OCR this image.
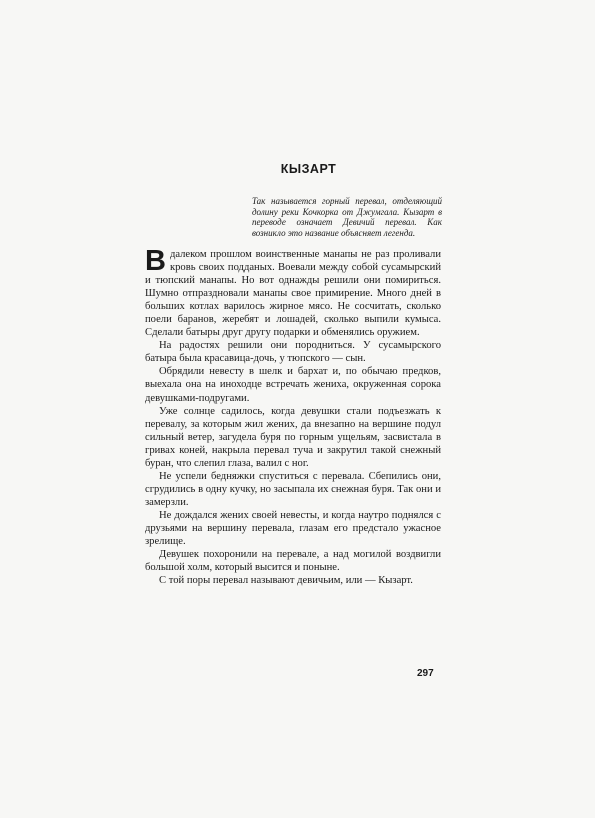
КЫЗАРТ

Так называется горный перевал, отделяющий долину реки Кочкорка от Джумгала. Кызарт в переводе означает Девичий перевал. Как возникло это название объясняет легенда.

В далеком прошлом воинственные манапы не раз проливали кровь своих подданых. Воевали между собой сусамырский и тюпский манапы. Но вот однажды решили они помириться. Шумно отпраздновали манапы свое примирение. Много дней в больших котлах варилось жирное мясо. Не сосчитать, сколько поели баранов, жеребят и лошадей, сколько выпили кумыса. Сделали батыры друг другу подарки и обменялись оружием.

На радостях решили они породниться. У сусамырского батыра была красавица-дочь, у тюпского — сын.

Обрядили невесту в шелк и бархат и, по обычаю предков, выехала она на иноходце встречать жениха, окруженная сорока девушками-подругами.

Уже солнце садилось, когда девушки стали подъезжать к перевалу, за которым жил жених, да внезапно на вершине подул сильный ветер, загудела буря по горным ущельям, засвистала в гривах коней, накрыла перевал туча и закрутил такой снежный буран, что слепил глаза, валил с ног.

Не успели бедняжки спуститься с перевала. Сбепились они, сгрудились в одну кучку, но засыпала их снежная буря. Так они и замерзли.

Не дождался жених своей невесты, и когда наутро поднялся с друзьями на вершину перевала, глазам его предстало ужасное зрелище.

Девушек похоронили на перевале, а над могилой воздвигли большой холм, который высится и поныне.

С той поры перевал называют девичьим, или — Кызарт.

297
